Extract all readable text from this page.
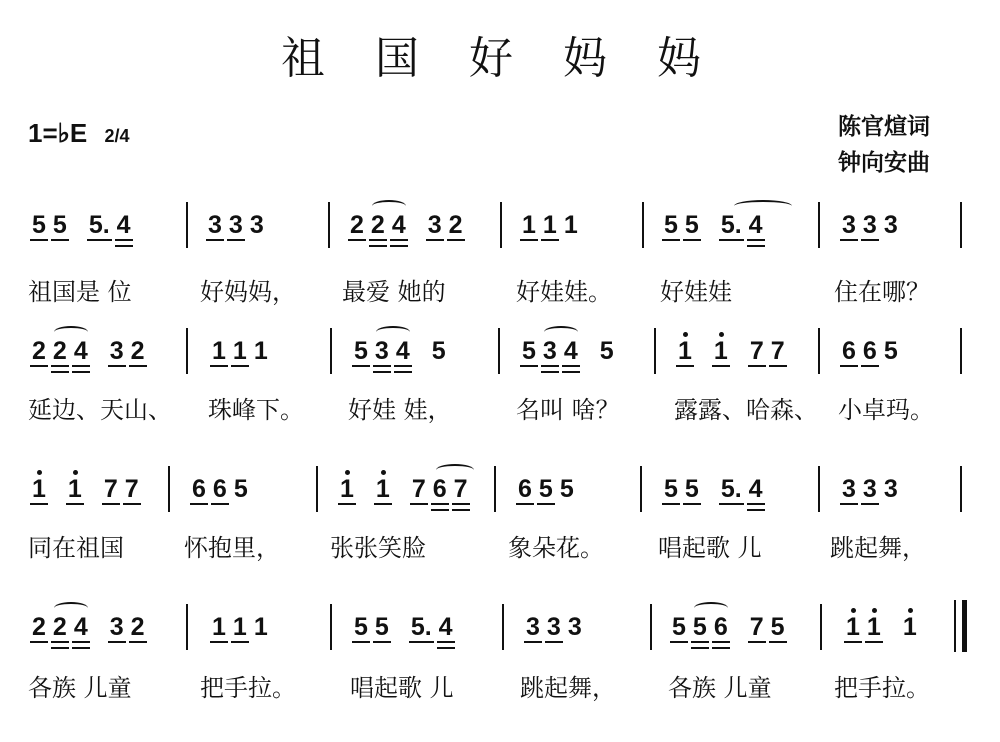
祖 国 好 妈 妈
1=♭E 2/4	陈官煊词
钟向安曲
5 5 5. 4	3 3 3	2 2 4 3 2 1 1 1	5 5 5. 4	3 3 3
祖国是 位	好妈妈， 最爱 她的	好娃娃。 好娃娃	住在哪？
2 2 4 3 2	1 1 1	5 3 4 5	5 3 4 5	1 1 7 7 6 6 5
延边、天山、 珠峰下。 好娃 娃，	名叫 啥？ 露露、哈森、 小卓玛。
1 1 7 7 6 6 5	1 1 7 6 7 6 5 5	5 5 5. 4	3 3 3
同在祖国	怀抱里， 张张笑脸	象朵花。 唱起歌 儿	跳起舞，
2 2 4 3 2	1 1 1	5 5 5. 4	3 3 3	5 5 6 7 5 1 1 1
各族 儿童	把手拉。 唱起歌 儿	跳起舞， 各族 儿童	把手拉。
